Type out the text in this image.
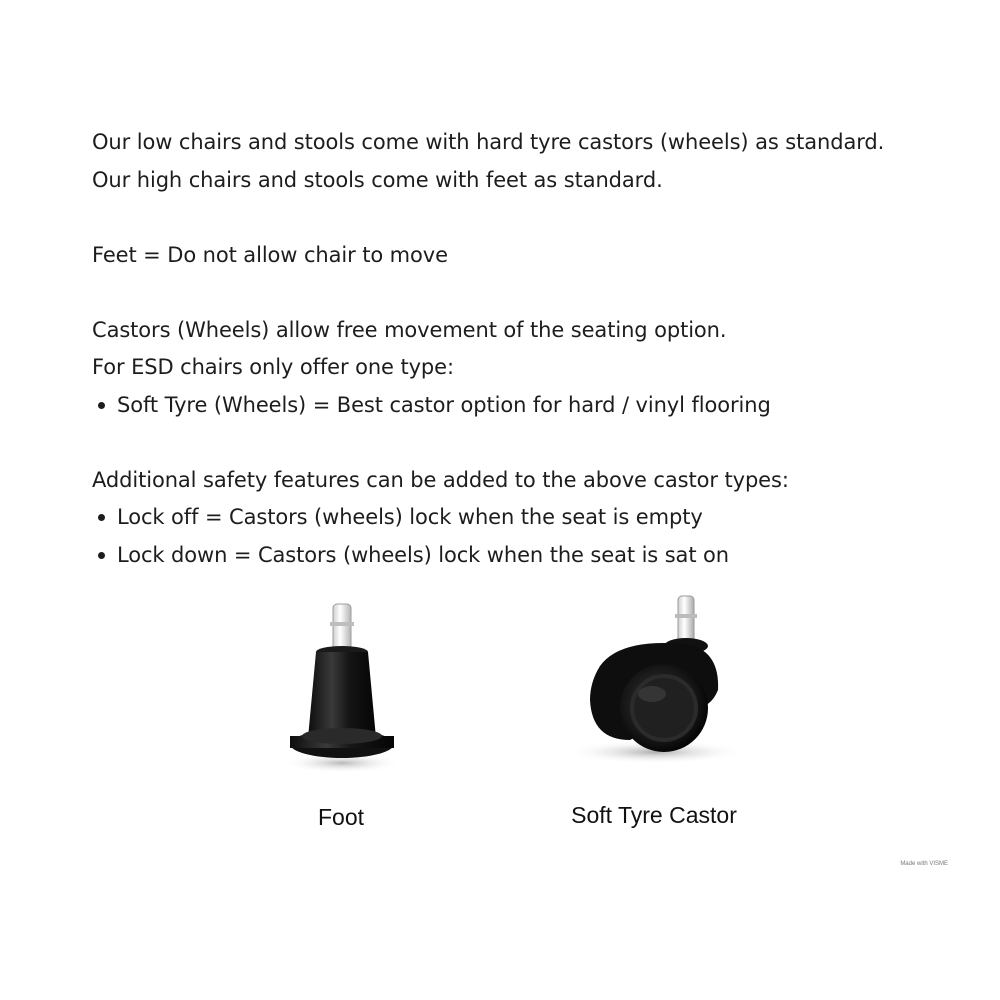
Our low chairs and stools come with hard tyre castors (wheels) as standard.

Our high chairs and stools come with feet as standard.

Feet = Do not allow chair to move

Castors (Wheels) allow free movement of the seating option.

For ESD chairs only offer one type:

Soft Tyre (Wheels) = Best castor option for hard / vinyl flooring

Additional safety features can be added to the above castor types:

Lock off = Castors (wheels) lock when the seat is empty
Lock down = Castors (wheels) lock when the seat is sat on
Foot	Soft Tyre Castor
Made with VISME
